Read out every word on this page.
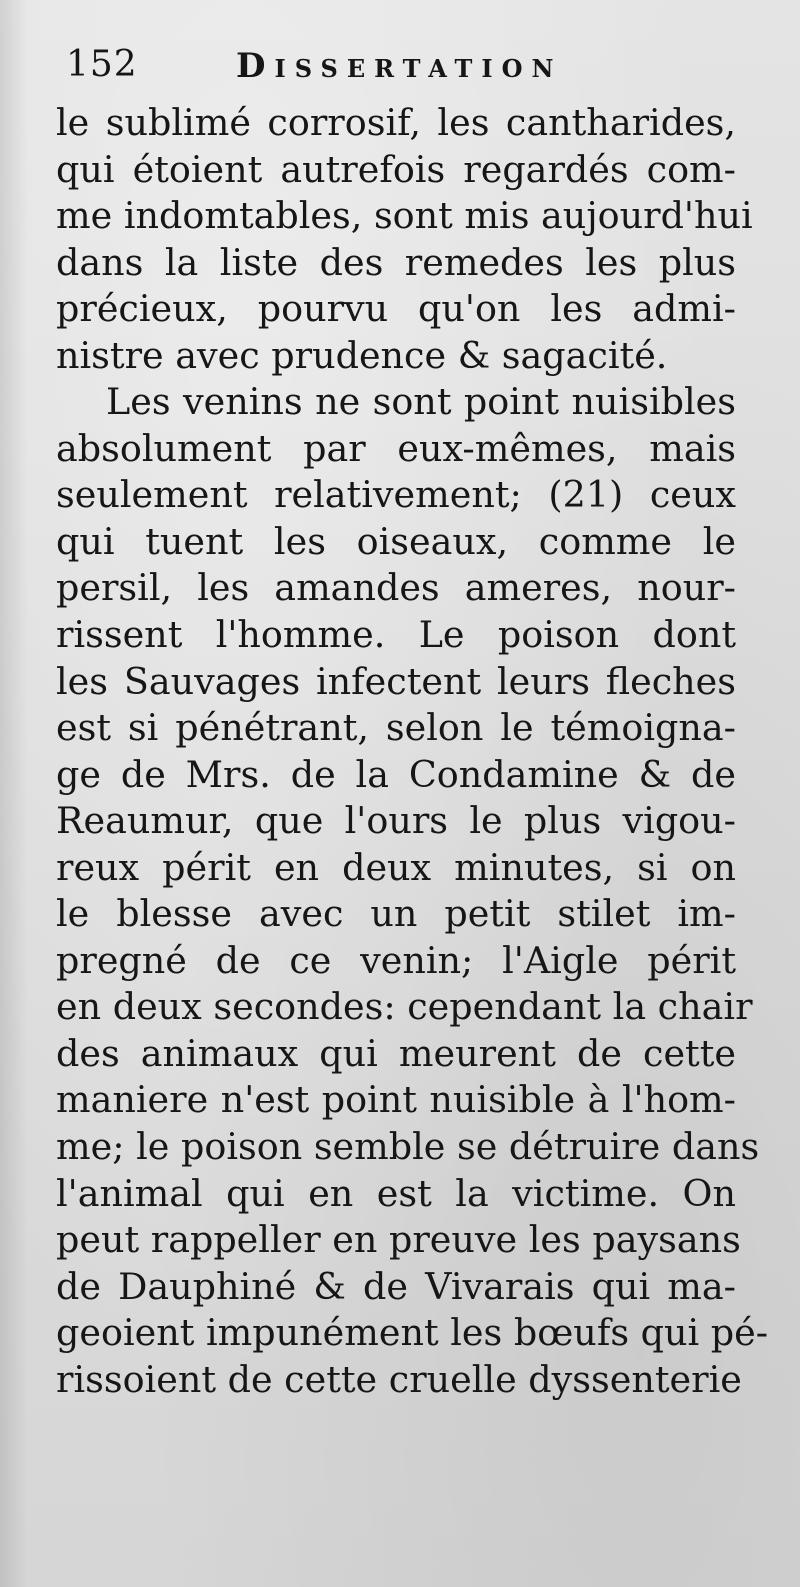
152	Dissertation
le sublimé corrosif, les cantharides,
qui étoient autrefois regardés com-
me indomtables, sont mis aujourd'hui
dans la liste des remedes les plus
précieux, pourvu qu'on les admi-
nistre avec prudence & sagacité.
Les venins ne sont point nuisibles
absolument par eux-mêmes, mais
seulement relativement; (21) ceux
qui tuent les oiseaux, comme le
persil, les amandes ameres, nour-
rissent l'homme. Le poison dont
les Sauvages infectent leurs fleches
est si pénétrant, selon le témoigna-
ge de Mrs. de la Condamine & de
Reaumur, que l'ours le plus vigou-
reux périt en deux minutes, si on
le blesse avec un petit stilet im-
pregné de ce venin; l'Aigle périt
en deux secondes: cependant la chair
des animaux qui meurent de cette
maniere n'est point nuisible à l'hom-
me; le poison semble se détruire dans
l'animal qui en est la victime. On
peut rappeller en preuve les paysans
de Dauphiné & de Vivarais qui ma-
geoient impunément les bœufs qui pé-
rissoient de cette cruelle dyssenterie
